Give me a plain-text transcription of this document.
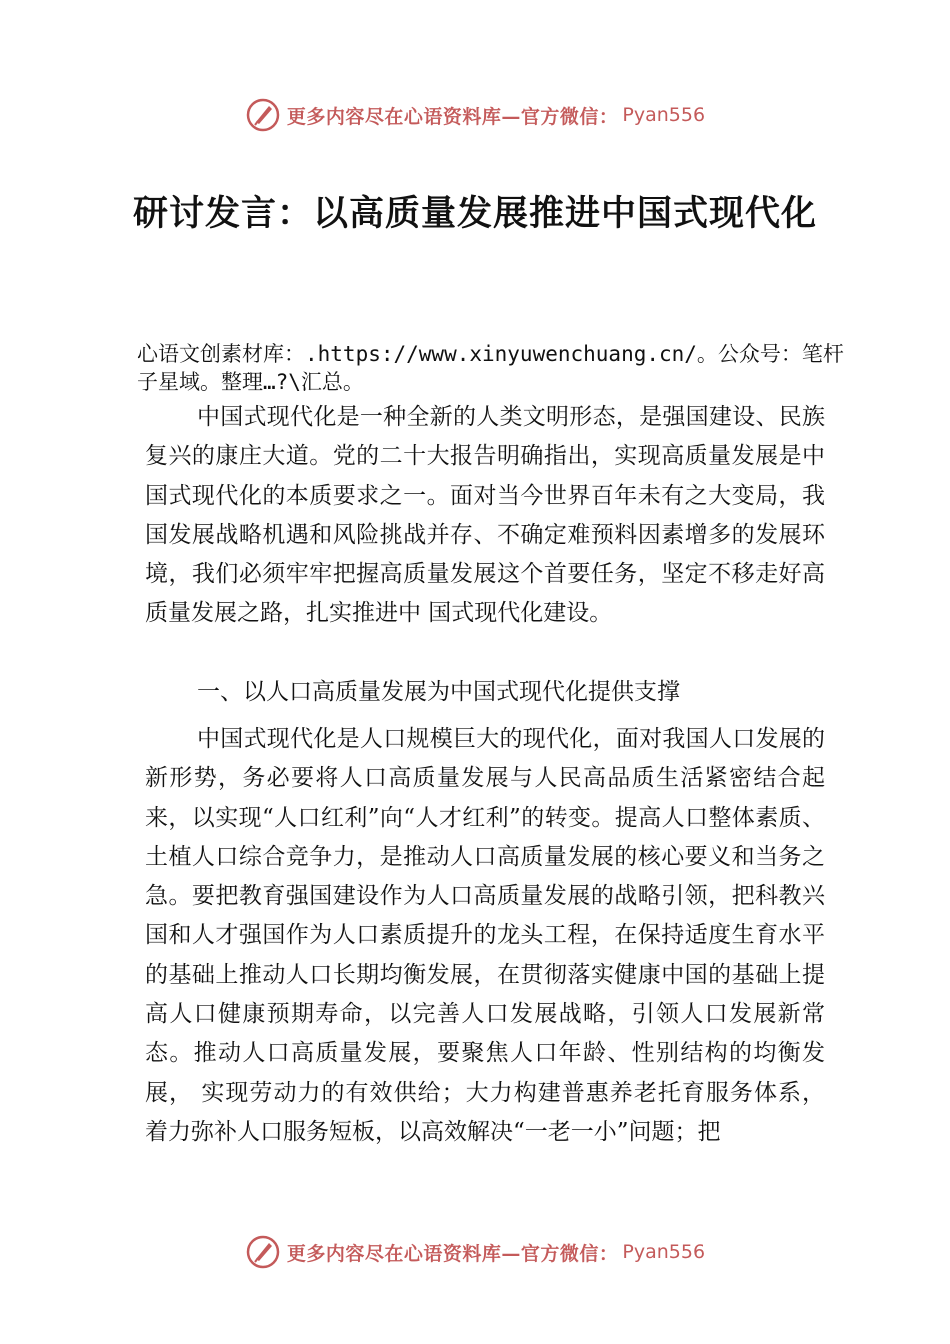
更多内容尽在心语资料库—官方微信： Pyan556
研讨发言：以高质量发展推进中国式现代化
心语文创素材库：.https://www.xinyuwenchuang.cn/。公众号：笔杆子星域。整理…?\汇总。
中国式现代化是一种全新的人类文明形态，是强国建设、民族复兴的康庄大道。党的二十大报告明确指出，实现高质量发展是中国式现代化的本质要求之一。面对当今世界百年未有之大变局，我国发展战略机遇和风险挑战并存、不确定难预料因素增多的发展环境，我们必须牢牢把握高质量发展这个首要任务，坚定不移走好高质量发展之路，扎实推进中 国式现代化建设。
一、以人口高质量发展为中国式现代化提供支撑
中国式现代化是人口规模巨大的现代化，面对我国人口发展的新形势，务必要将人口高质量发展与人民高品质生活紧密结合起来，以实现“人口红利”向“人才红利”的转变。提高人口整体素质、⼟植人口综合竞争力，是推动人口高质量发展的核心要义和当务之急。要把教育强国建设作为人口高质量发展的战略引领，把科教兴国和人才强国作为人口素质提升的龙头工程，在保持适度生育水平的基础上推动人口长期均衡发展，在贯彻落实健康中国的基础上提高人口健康预期寿命，以完善人口发展战略，引领人口发展新常态。推动人口高质量发展，要聚焦人口年龄、性别结构的均衡发展， 实现劳动力的有效供给；大力构建普惠养老托育服务体系， 着力弥补人口服务短板，以高效解决“一老一小”问题；把
更多内容尽在心语资料库—官方微信： Pyan556
